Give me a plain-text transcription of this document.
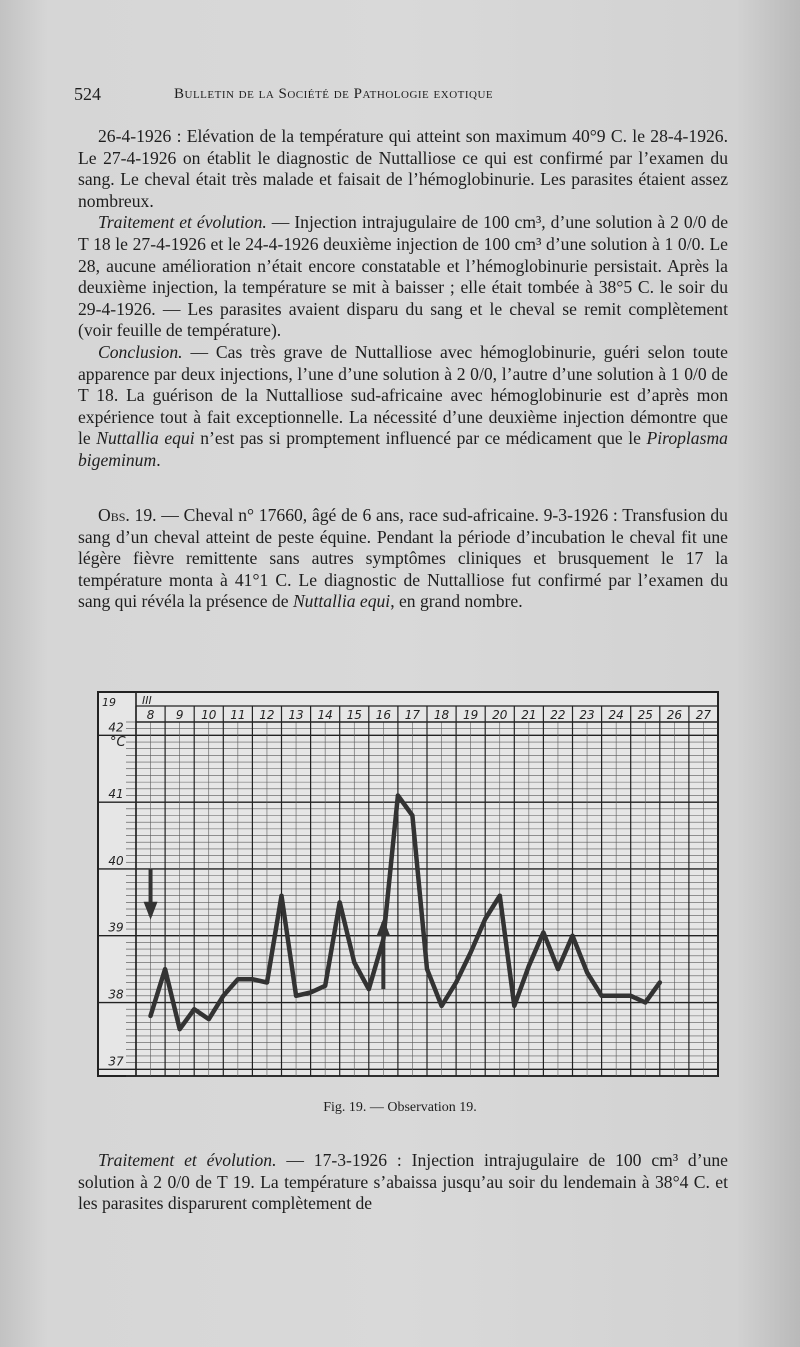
524	Bulletin de la Société de Pathologie exotique

26-4-1926 : Elévation de la température qui atteint son maximum 40°9 C. le 28-4-1926. Le 27-4-1926 on établit le diagnostic de Nuttalliose ce qui est confirmé par l’examen du sang. Le cheval était très malade et faisait de l’hémoglobinurie. Les parasites étaient assez nombreux.

Traitement et évolution. — Injection intrajugulaire de 100 cm³, d’une solution à 2 0/0 de T 18 le 27-4-1926 et le 24-4-1926 deuxième injection de 100 cm³ d’une solution à 1 0/0. Le 28, aucune amélioration n’était encore constatable et l’hémoglobinurie persistait. Après la deuxième injection, la température se mit à baisser ; elle était tombée à 38°5 C. le soir du 29-4-1926. — Les parasites avaient disparu du sang et le cheval se remit complètement (voir feuille de température).

Conclusion. — Cas très grave de Nuttalliose avec hémoglobinurie, guéri selon toute apparence par deux injections, l’une d’une solution à 2 0/0, l’autre d’une solution à 1 0/0 de T 18. La guérison de la Nuttalliose sud-africaine avec hémoglobinurie est d’après mon expérience tout à fait exceptionnelle. La nécessité d’une deuxième injection démontre que le Nuttallia equi n’est pas si promptement influencé par ce médicament que le Piroplasma bigeminum.

Obs. 19. — Cheval n° 17660, âgé de 6 ans, race sud-africaine. 9-3-1926 : Transfusion du sang d’un cheval atteint de peste équine. Pendant la période d’incubation le cheval fit une légère fièvre remittente sans autres symptômes cliniques et brusquement le 17 la température monta à 41°1 C. Le diagnostic de Nuttalliose fut confirmé par l’examen du sang qui révéla la présence de Nuttallia equi, en grand nombre.

19 III
°C
8 9 10 11 12 13 14 15 16 17 18 19 20 21 22 23 24 25 26 27
42
41
40
39
38
37
Fig. 19. — Observation 19.

Traitement et évolution. — 17-3-1926 : Injection intrajugulaire de 100 cm³ d’une solution à 2 0/0 de T 19. La température s’abaissa jusqu’au soir du lendemain à 38°4 C. et les parasites disparurent complètement de
